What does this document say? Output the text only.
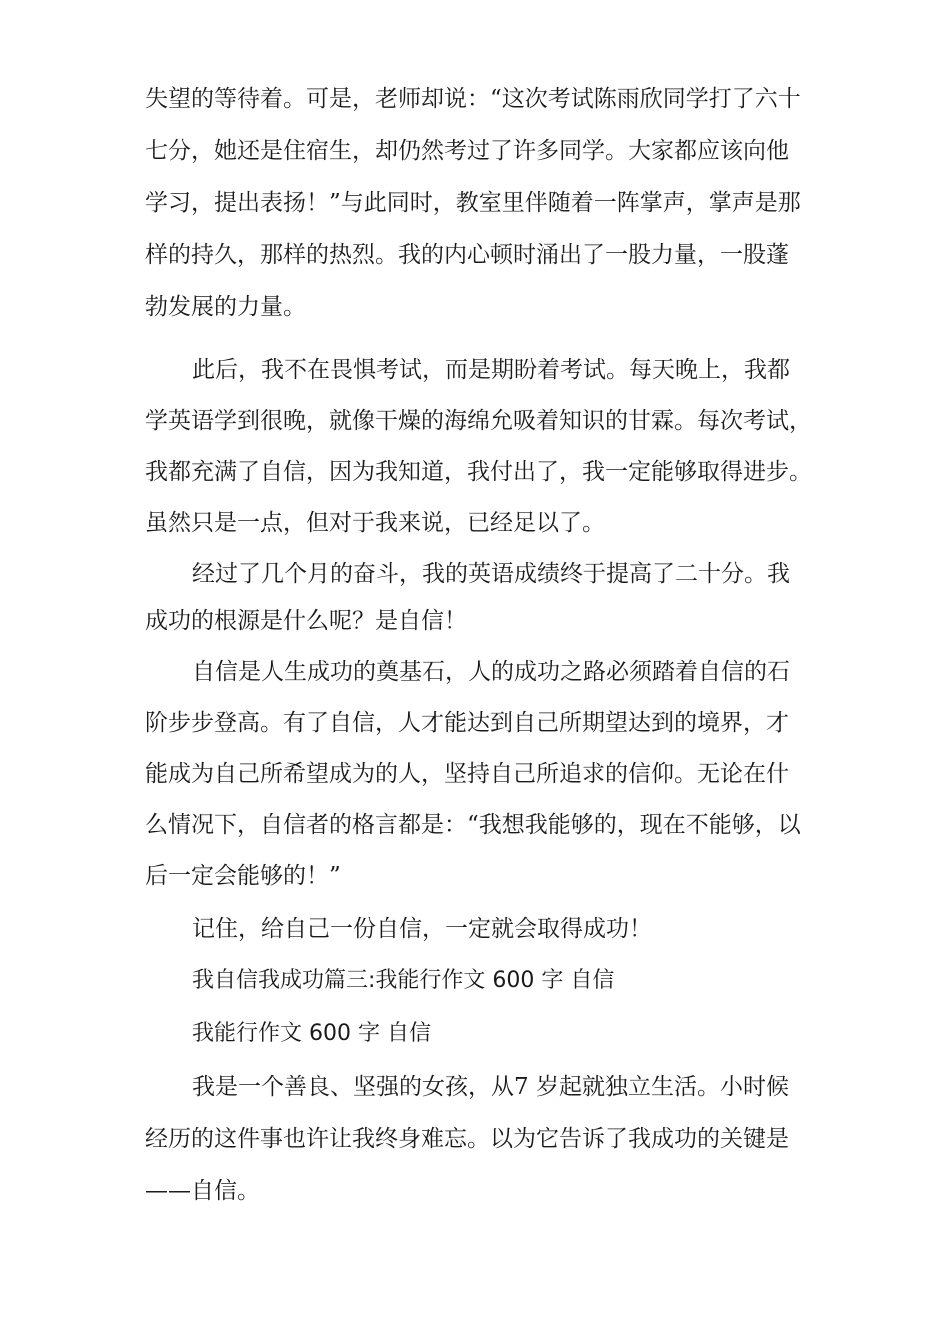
失望的等待着。可是，老师却说：“这次考试陈雨欣同学打了六十
七分，她还是住宿生，却仍然考过了许多同学。大家都应该向他
学习，提出表扬！”与此同时，教室里伴随着一阵掌声，掌声是那
样的持久，那样的热烈。我的内心顿时涌出了一股力量，一股蓬
勃发展的力量。
此后，我不在畏惧考试，而是期盼着考试。每天晚上，我都
学英语学到很晚，就像干燥的海绵允吸着知识的甘霖。每次考试，
我都充满了自信，因为我知道，我付出了，我一定能够取得进步。
虽然只是一点，但对于我来说，已经足以了。
经过了几个月的奋斗，我的英语成绩终于提高了二十分。我
成功的根源是什么呢？是自信！
自信是人生成功的奠基石，人的成功之路必须踏着自信的石
阶步步登高。有了自信，人才能达到自己所期望达到的境界，才
能成为自己所希望成为的人，坚持自己所追求的信仰。无论在什
么情况下，自信者的格言都是：“我想我能够的，现在不能够，以
后一定会能够的！”
记住，给自己一份自信，一定就会取得成功！
我自信我成功篇三:我能行作文 600 字 自信
我能行作文 600 字 自信
我是一个善良、坚强的女孩，从7 岁起就独立生活。小时候
经历的这件事也许让我终身难忘。以为它告诉了我成功的关键是
——自信。
